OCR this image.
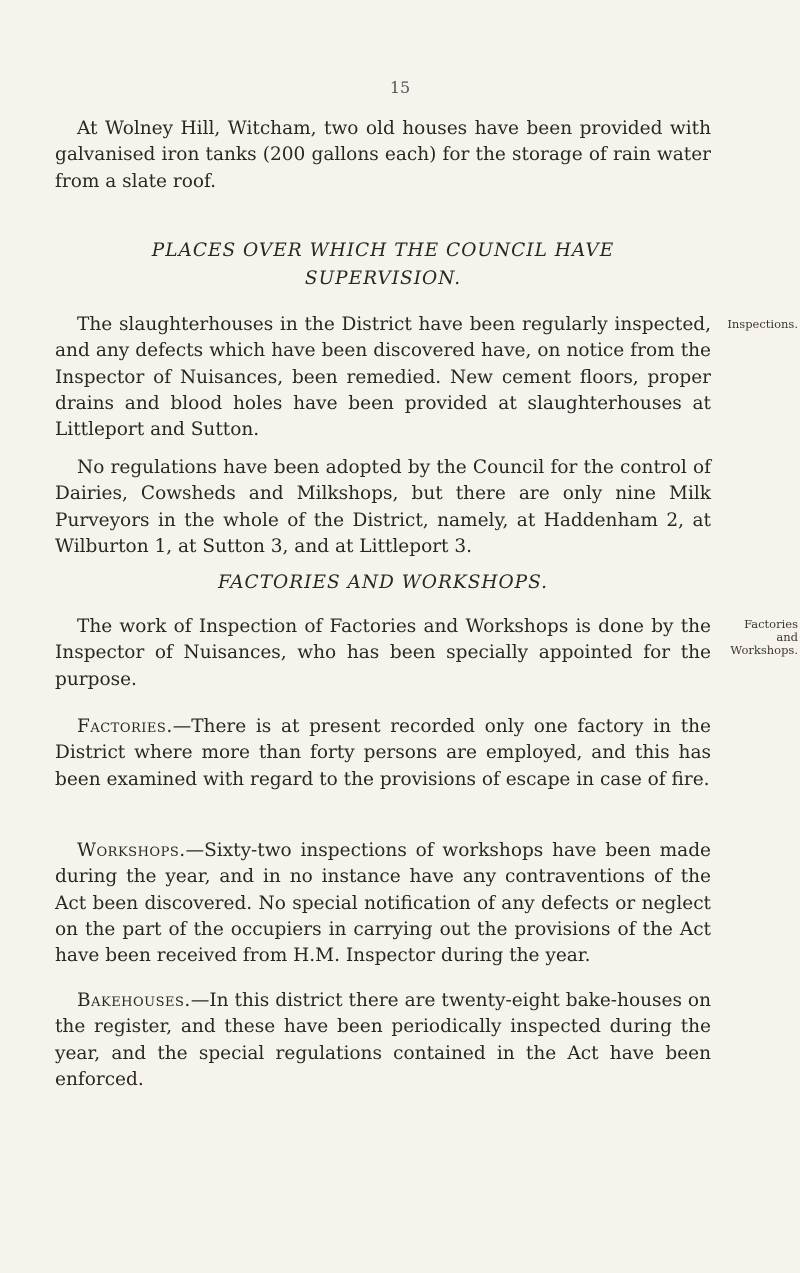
15

At Wolney Hill, Witcham, two old houses have been provided with galvanised iron tanks (200 gallons each) for the storage of rain water from a slate roof.

PLACES OVER WHICH THE COUNCIL HAVE
SUPERVISION.

The slaughterhouses in the District have been regularly inspected, and any defects which have been discovered have, on notice from the Inspector of Nuisances, been remedied. New cement floors, proper drains and blood holes have been provided at slaughterhouses at Littleport and Sutton.

Inspections.

No regulations have been adopted by the Council for the control of Dairies, Cowsheds and Milkshops, but there are only nine Milk Purveyors in the whole of the District, namely, at Haddenham 2, at Wilburton 1, at Sutton 3, and at Littleport 3.

FACTORIES AND WORKSHOPS.

The work of Inspection of Factories and Workshops is done by the Inspector of Nuisances, who has been specially appointed for the purpose.

Factories and
Workshops.

Factories.—There is at present recorded only one factory in the District where more than forty persons are employed, and this has been examined with regard to the provisions of escape in case of fire.

Workshops.—Sixty-two inspections of workshops have been made during the year, and in no instance have any contraventions of the Act been discovered. No special notification of any defects or neglect on the part of the occupiers in carrying out the provisions of the Act have been received from H.M. Inspector during the year.

Bakehouses.—In this district there are twenty-eight bake-houses on the register, and these have been periodically inspected during the year, and the special regulations contained in the Act have been enforced.
